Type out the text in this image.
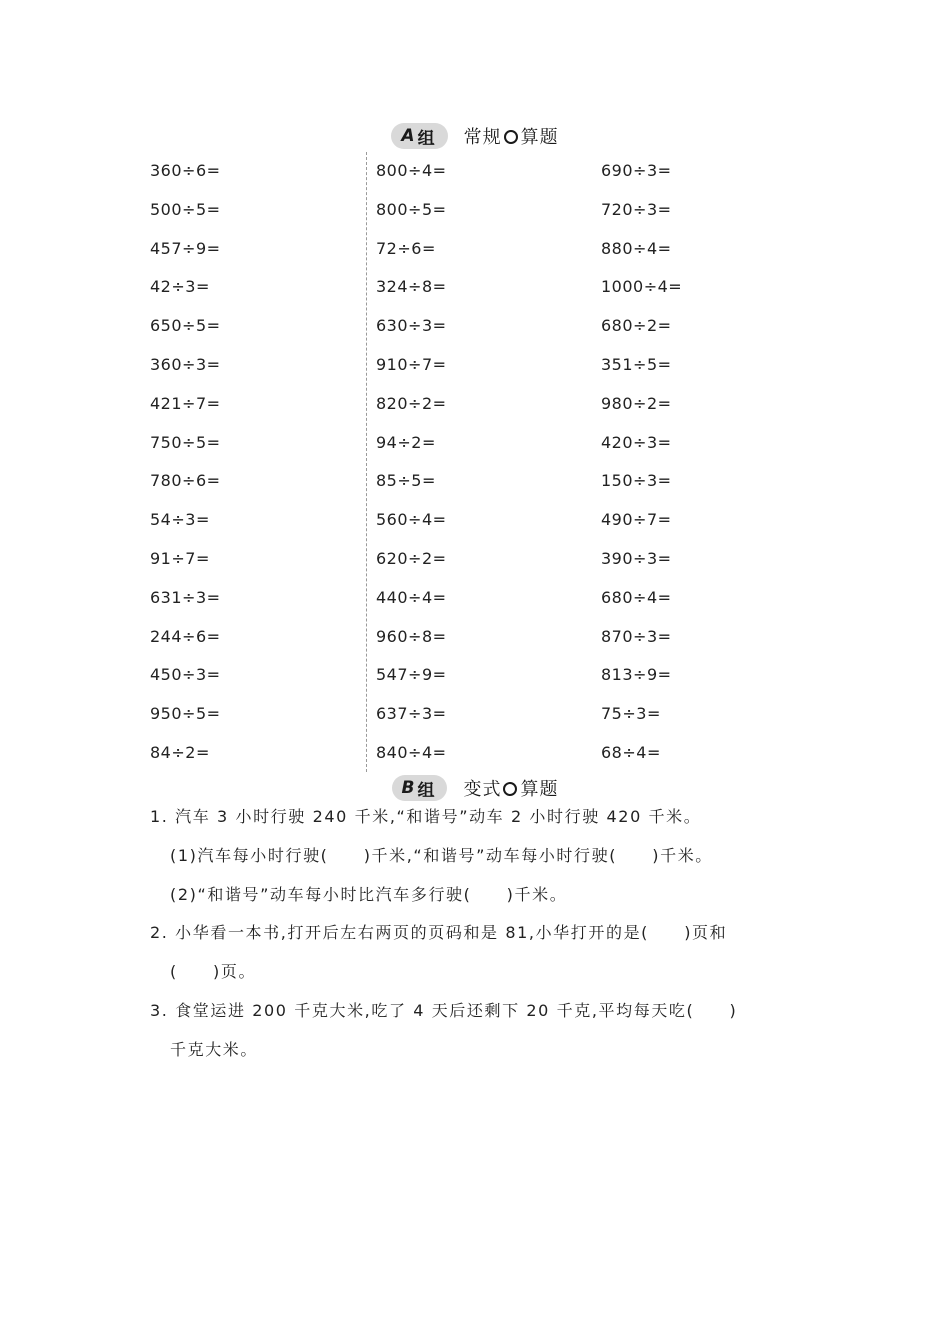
A 组 常规 算题
360÷6=
500÷5=
457÷9=
42÷3=
650÷5=
360÷3=
421÷7=
750÷5=
780÷6=
54÷3=
91÷7=
631÷3=
244÷6=
450÷3=
950÷5=
84÷2=
800÷4=
800÷5=
72÷6=
324÷8=
630÷3=
910÷7=
820÷2=
94÷2=
85÷5=
560÷4=
620÷2=
440÷4=
960÷8=
547÷9=
637÷3=
840÷4=
690÷3=
720÷3=
880÷4=
1000÷4=
680÷2=
351÷5=
980÷2=
420÷3=
150÷3=
490÷7=
390÷3=
680÷4=
870÷3=
813÷9=
75÷3=
68÷4=
B 组 变式 算题
1. 汽车 3 小时行驶 240 千米,“和谐号”动车 2 小时行驶 420 千米。
(1)汽车每小时行驶(　　)千米,“和谐号”动车每小时行驶(　　)千米。
(2)“和谐号”动车每小时比汽车多行驶(　　)千米。
2. 小华看一本书,打开后左右两页的页码和是 81,小华打开的是(　　)页和
(　　)页。
3. 食堂运进 200 千克大米,吃了 4 天后还剩下 20 千克,平均每天吃(　　)
千克大米。
